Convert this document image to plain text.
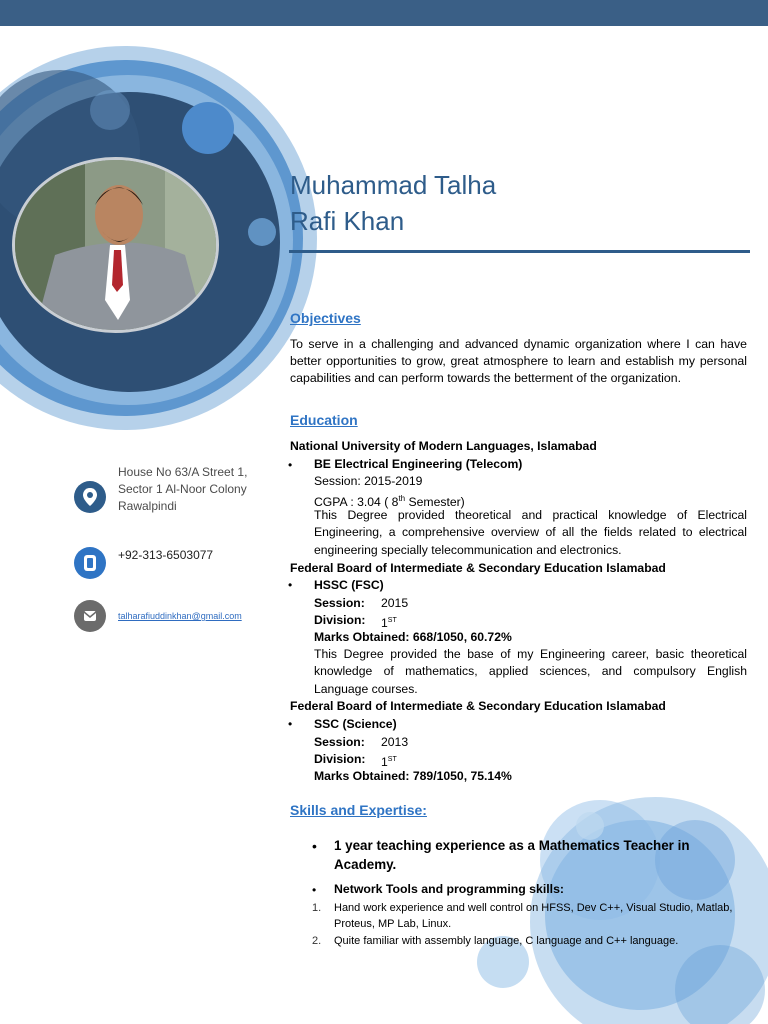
Muhammad Talha
Rafi Khan
Objectives
To serve in a challenging and advanced dynamic organization where I can have better opportunities to grow, great atmosphere to learn and establish my personal capabilities and can perform towards the betterment of the organization.
Education
National University of Modern Languages, Islamabad
• BE Electrical Engineering (Telecom)
Session: 2015-2019
CGPA : 3.04 ( 8th Semester)
This Degree provided theoretical and practical knowledge of Electrical Engineering, a comprehensive overview of all the fields related to electrical engineering specially telecommunication and electronics.
Federal Board of Intermediate & Secondary Education Islamabad
• HSSC (FSC)
Session: 2015
Division: 1ST
Marks Obtained: 668/1050, 60.72%
This Degree provided the base of my Engineering career, basic theoretical knowledge of mathematics, applied sciences, and compulsory English Language courses.
Federal Board of Intermediate & Secondary Education Islamabad
• SSC (Science)
Session: 2013
Division: 1ST
Marks Obtained: 789/1050, 75.14%
Skills and Expertise:
• 1 year teaching experience as a Mathematics Teacher in Academy.
• Network Tools and programming skills:
1. Hand work experience and well control on HFSS, Dev C++, Visual Studio, Matlab, Proteus, MP Lab, Linux.
2. Quite familiar with assembly language, C language and C++ language.
House No 63/A Street 1, Sector 1 Al-Noor Colony Rawalpindi
+92-313-6503077
talharafiuddinkhan@gmail.com
